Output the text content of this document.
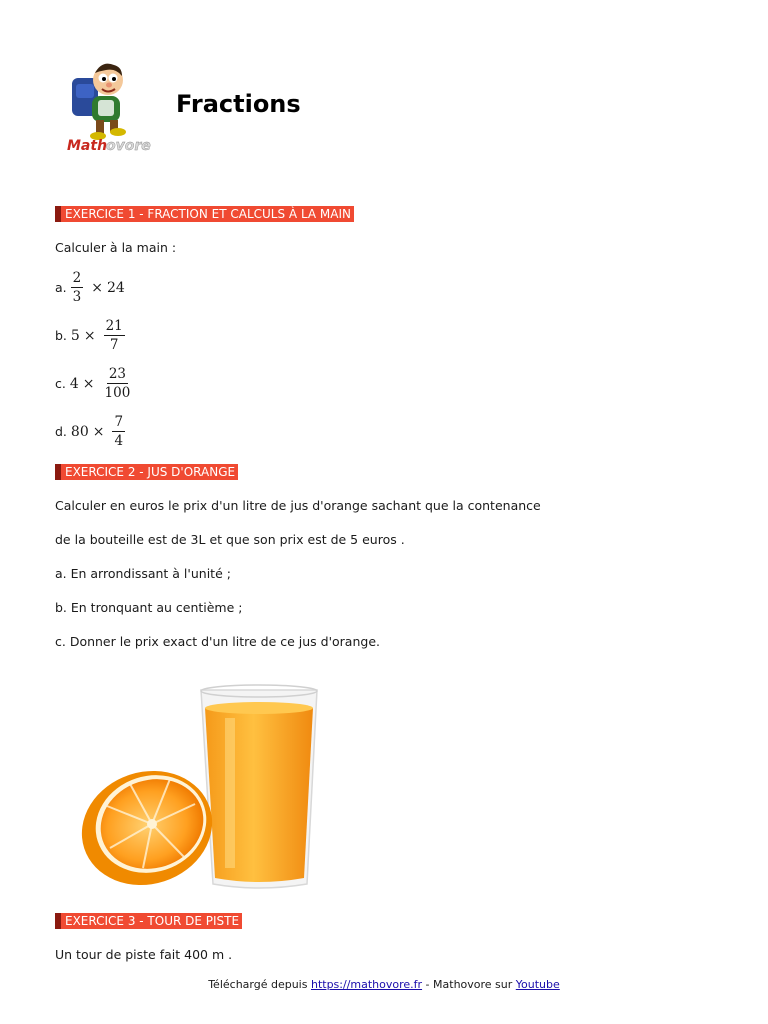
Math
ovore
Fractions
EXERCICE 1 - FRACTION ET CALCULS À LA MAIN
Calculer à la main :
a. $\frac{2}{3} \times 24$
b. $5 \times \frac{21}{7}$
c. $4 \times \frac{23}{100}$
d. $80 \times \frac{7}{4}$
EXERCICE 2 - JUS D'ORANGE
Calculer en euros le prix d'un litre de jus d'orange sachant que la contenance
de la bouteille est de 3L et que son prix est de 5 euros .
a. En arrondissant à l'unité ;
b. En tronquant au centième ;
c. Donner le prix exact d'un litre de ce jus d'orange.
EXERCICE 3 - TOUR DE PISTE
Un tour de piste fait 400 m .
Téléchargé depuis https://mathovore.fr - Mathovore sur Youtube
